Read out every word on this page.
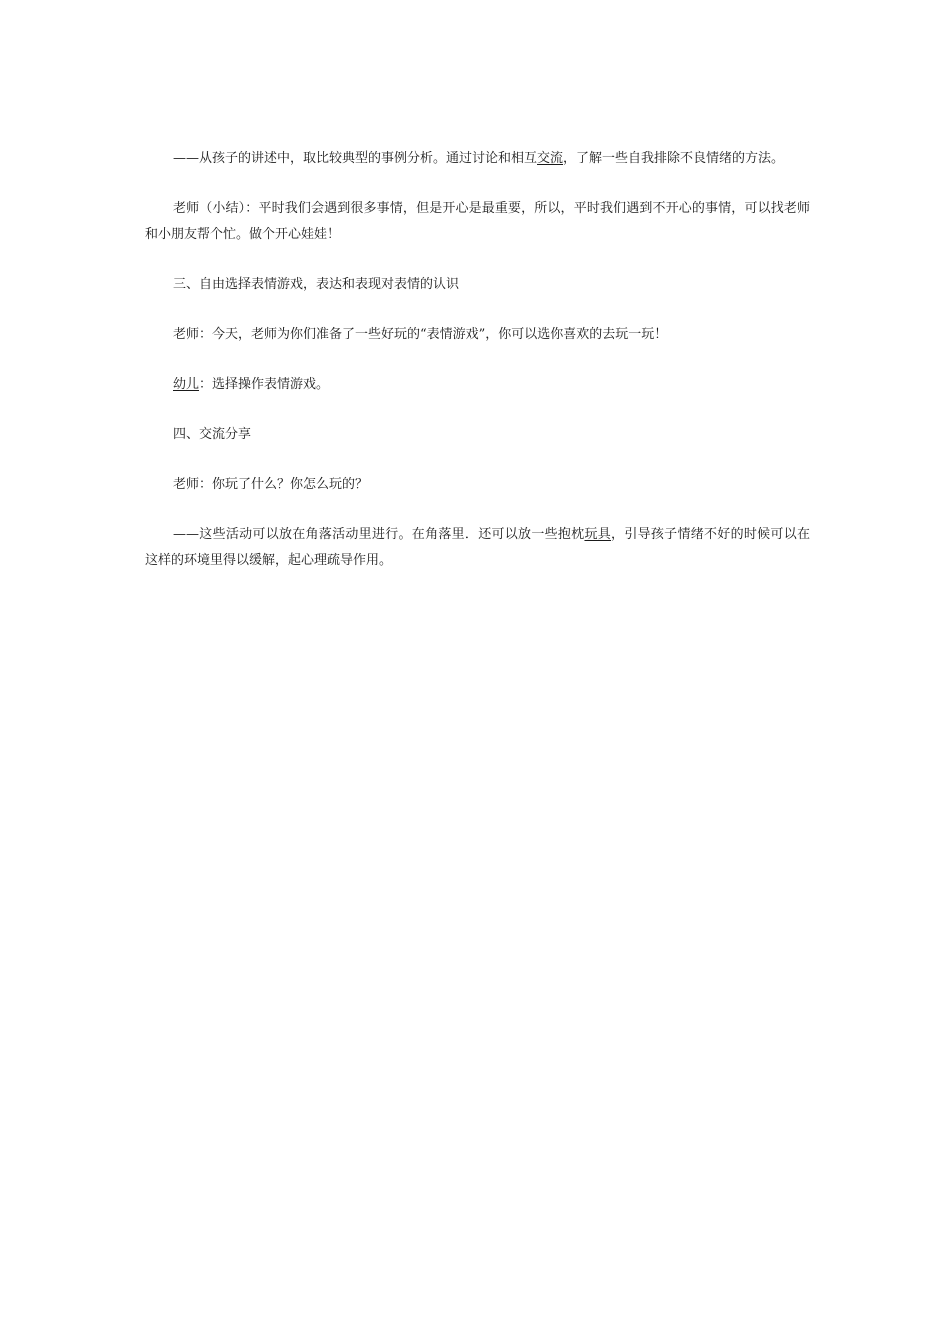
——从孩子的讲述中，取比较典型的事例分析。通过讨论和相互交流，了解一些自我排除不良情绪的方法。

老师（小结）：平时我们会遇到很多事情，但是开心是最重要，所以，平时我们遇到不开心的事情，可以找老师和小朋友帮个忙。做个开心娃娃！

三、自由选择表情游戏，表达和表现对表情的认识

老师：今天，老师为你们准备了一些好玩的“表情游戏”，你可以选你喜欢的去玩一玩！

幼儿：选择操作表情游戏。

四、交流分享

老师：你玩了什么？你怎么玩的？

——这些活动可以放在角落活动里进行。在角落里．还可以放一些抱枕玩具，引导孩子情绪不好的时候可以在这样的环境里得以缓解，起心理疏导作用。
